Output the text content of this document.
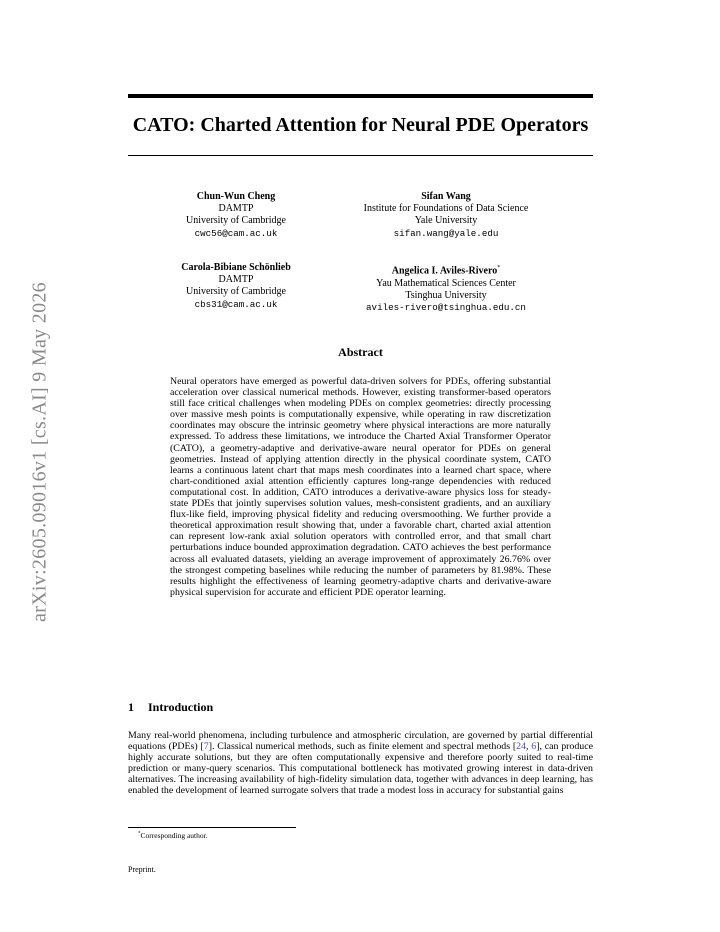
arXiv:2605.09016v1 [cs.AI] 9 May 2026
CATO: Charted Attention for Neural PDE Operators
Chun-Wun Cheng
DAMTP
University of Cambridge
cwc56@cam.ac.uk
Sifan Wang
Institute for Foundations of Data Science
Yale University
sifan.wang@yale.edu
Carola-Bibiane Schönlieb
DAMTP
University of Cambridge
cbs31@cam.ac.uk
Angelica I. Aviles-Rivero*
Yau Mathematical Sciences Center
Tsinghua University
aviles-rivero@tsinghua.edu.cn
Abstract
Neural operators have emerged as powerful data-driven solvers for PDEs, offering substantial acceleration over classical numerical methods. However, existing transformer-based operators still face critical challenges when modeling PDEs on complex geometries: directly processing over massive mesh points is computationally expensive, while operating in raw discretization coordinates may obscure the intrinsic geometry where physical interactions are more naturally expressed. To address these limitations, we introduce the Charted Axial Transformer Operator (CATO), a geometry-adaptive and derivative-aware neural operator for PDEs on general geometries. Instead of applying attention directly in the physical coordinate system, CATO learns a continuous latent chart that maps mesh coordinates into a learned chart space, where chart-conditioned axial attention efficiently captures long-range dependencies with reduced computational cost. In addition, CATO introduces a derivative-aware physics loss for steady-state PDEs that jointly supervises solution values, mesh-consistent gradients, and an auxiliary flux-like field, improving physical fidelity and reducing oversmoothing. We further provide a theoretical approximation result showing that, under a favorable chart, charted axial attention can represent low-rank axial solution operators with controlled error, and that small chart perturbations induce bounded approximation degradation. CATO achieves the best performance across all evaluated datasets, yielding an average improvement of approximately 26.76% over the strongest competing baselines while reducing the number of parameters by 81.98%. These results highlight the effectiveness of learning geometry-adaptive charts and derivative-aware physical supervision for accurate and efficient PDE operator learning.
1 Introduction
Many real-world phenomena, including turbulence and atmospheric circulation, are governed by partial differential equations (PDEs) [7]. Classical numerical methods, such as finite element and spectral methods [24, 6], can produce highly accurate solutions, but they are often computationally expensive and therefore poorly suited to real-time prediction or many-query scenarios. This computational bottleneck has motivated growing interest in data-driven alternatives. The increasing availability of high-fidelity simulation data, together with advances in deep learning, has enabled the development of learned surrogate solvers that trade a modest loss in accuracy for substantial gains
*Corresponding author.
Preprint.
